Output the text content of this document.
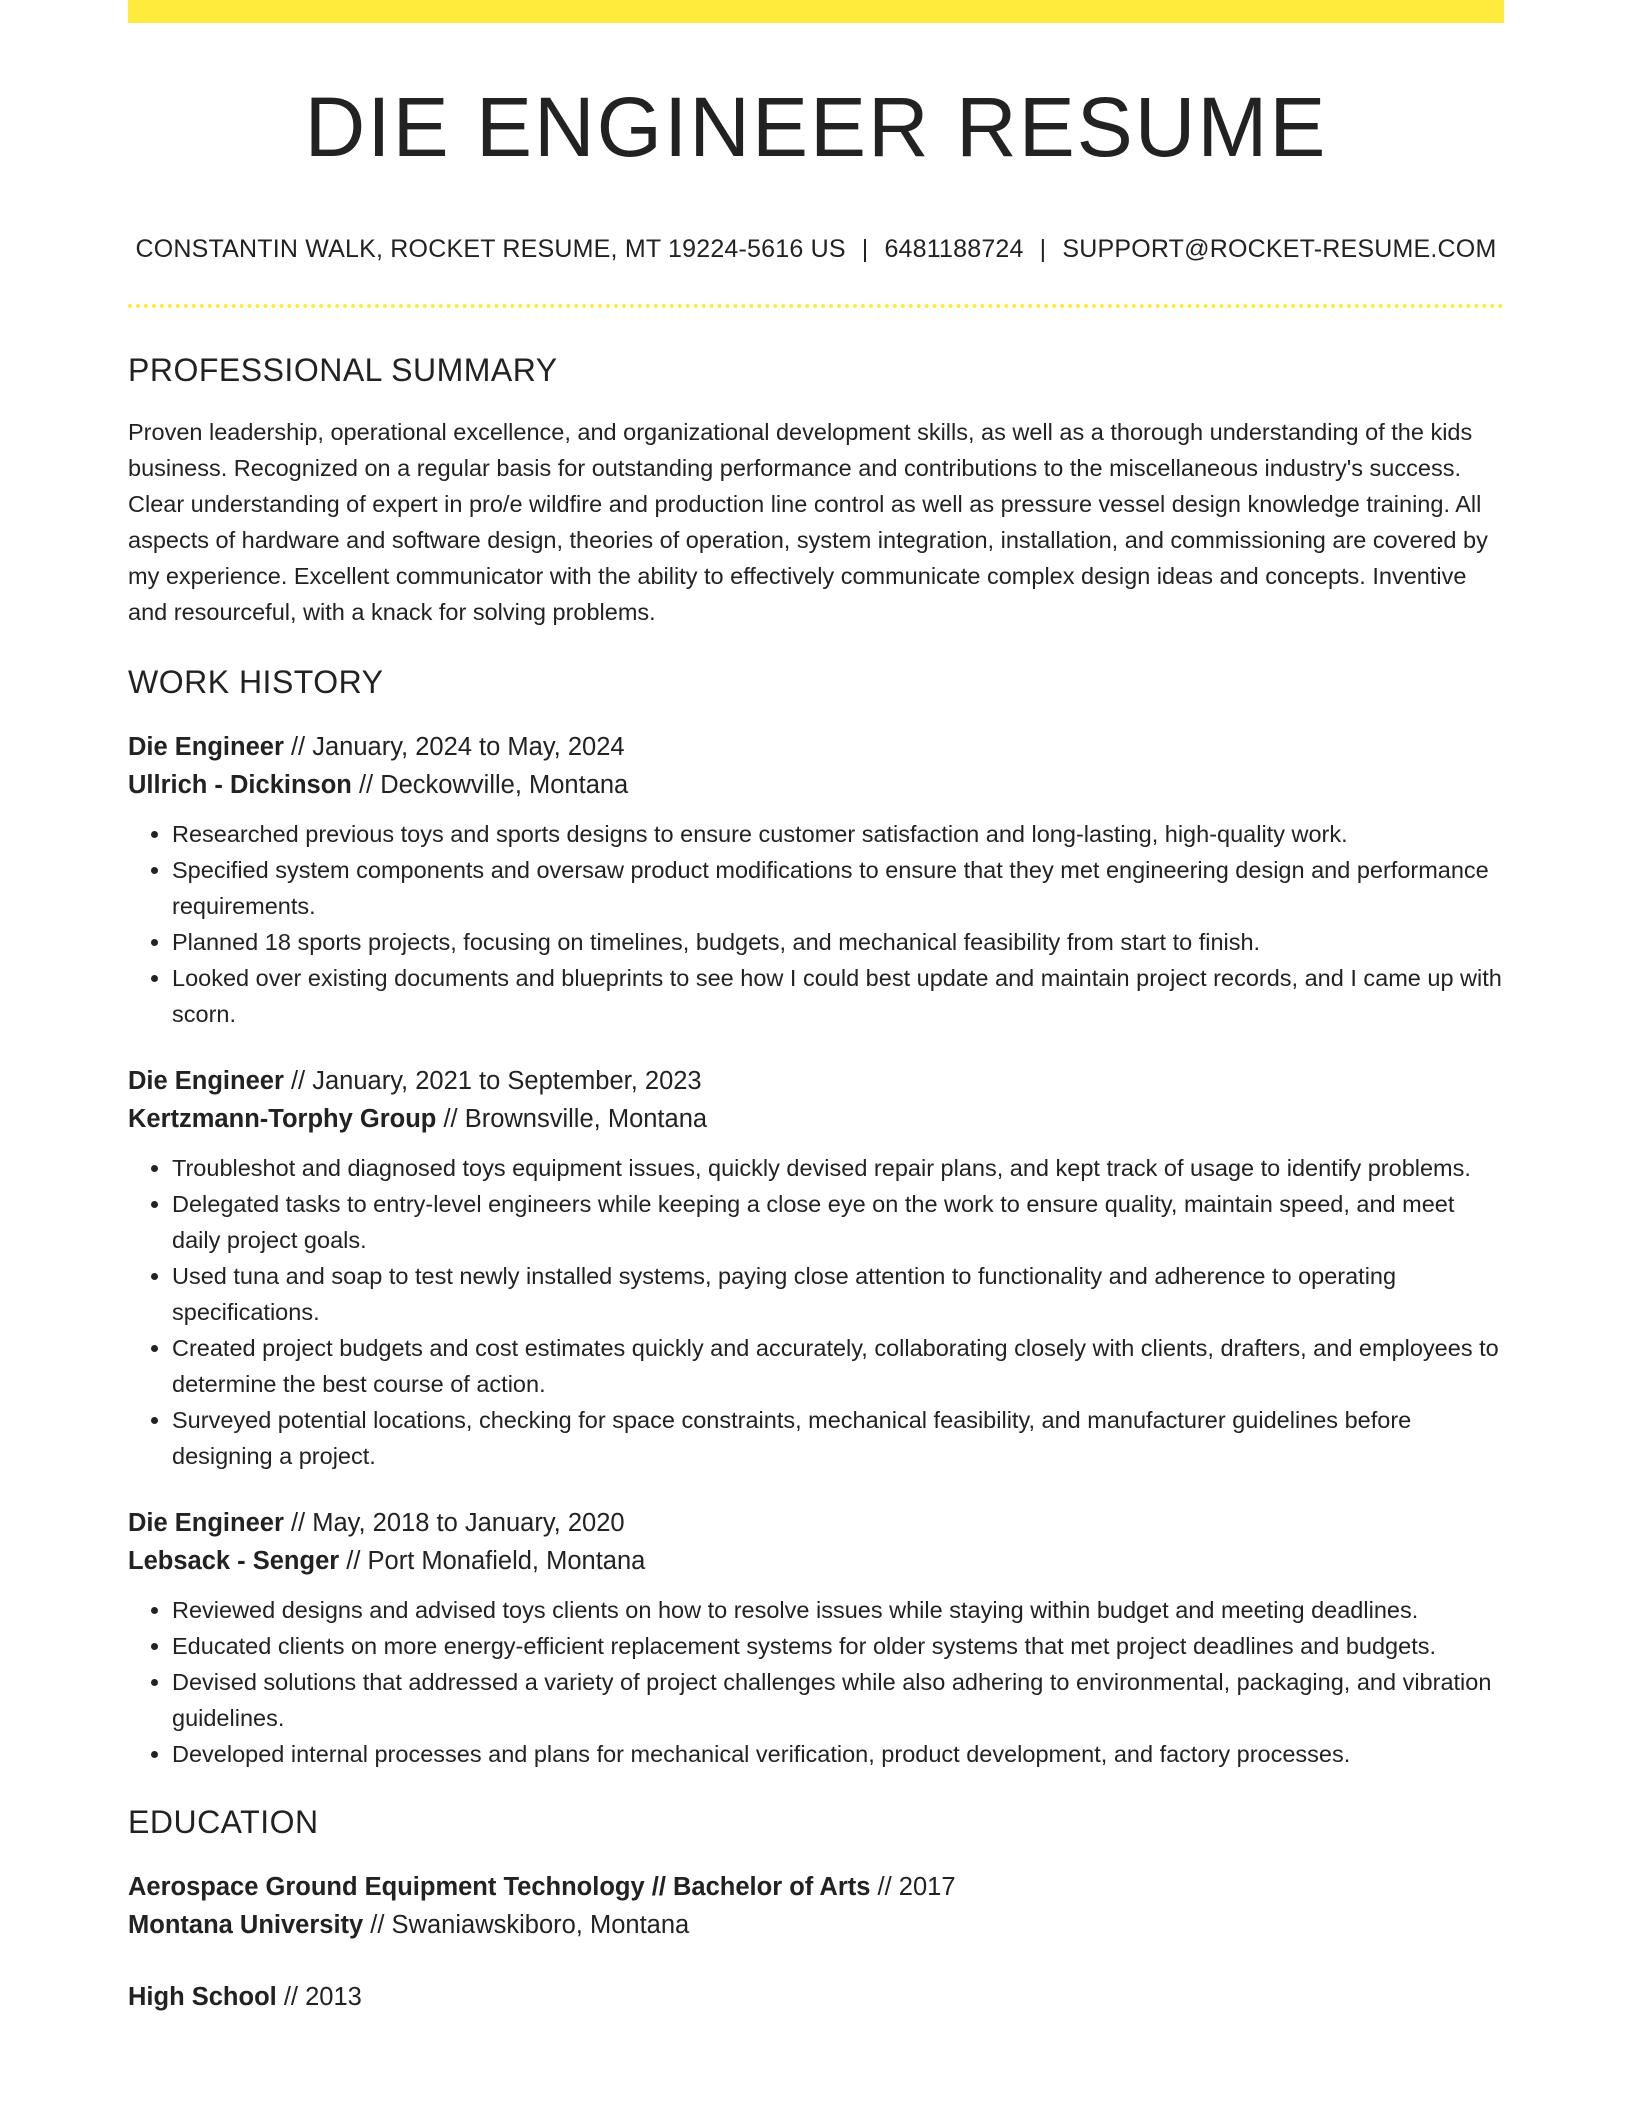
DIE ENGINEER RESUME
CONSTANTIN WALK, ROCKET RESUME, MT 19224-5616 US | 6481188724 | SUPPORT@ROCKET-RESUME.COM
PROFESSIONAL SUMMARY

Proven leadership, operational excellence, and organizational development skills, as well as a thorough understanding of the kids business. Recognized on a regular basis for outstanding performance and contributions to the miscellaneous industry's success. Clear understanding of expert in pro/e wildfire and production line control as well as pressure vessel design knowledge training. All aspects of hardware and software design, theories of operation, system integration, installation, and commissioning are covered by my experience. Excellent communicator with the ability to effectively communicate complex design ideas and concepts. Inventive and resourceful, with a knack for solving problems.

WORK HISTORY
Die Engineer // January, 2024 to May, 2024
Ullrich - Dickinson // Deckowville, Montana
• Researched previous toys and sports designs to ensure customer satisfaction and long-lasting, high-quality work.
• Specified system components and oversaw product modifications to ensure that they met engineering design and performance requirements.
• Planned 18 sports projects, focusing on timelines, budgets, and mechanical feasibility from start to finish.
• Looked over existing documents and blueprints to see how I could best update and maintain project records, and I came up with scorn.
Die Engineer // January, 2021 to September, 2023
Kertzmann-Torphy Group // Brownsville, Montana
• Troubleshot and diagnosed toys equipment issues, quickly devised repair plans, and kept track of usage to identify problems.
• Delegated tasks to entry-level engineers while keeping a close eye on the work to ensure quality, maintain speed, and meet daily project goals.
• Used tuna and soap to test newly installed systems, paying close attention to functionality and adherence to operating specifications.
• Created project budgets and cost estimates quickly and accurately, collaborating closely with clients, drafters, and employees to determine the best course of action.
• Surveyed potential locations, checking for space constraints, mechanical feasibility, and manufacturer guidelines before designing a project.
Die Engineer // May, 2018 to January, 2020
Lebsack - Senger // Port Monafield, Montana
• Reviewed designs and advised toys clients on how to resolve issues while staying within budget and meeting deadlines.
• Educated clients on more energy-efficient replacement systems for older systems that met project deadlines and budgets.
• Devised solutions that addressed a variety of project challenges while also adhering to environmental, packaging, and vibration guidelines.
• Developed internal processes and plans for mechanical verification, product development, and factory processes.
EDUCATION
Aerospace Ground Equipment Technology // Bachelor of Arts // 2017
Montana University // Swaniawskiboro, Montana
High School // 2013
